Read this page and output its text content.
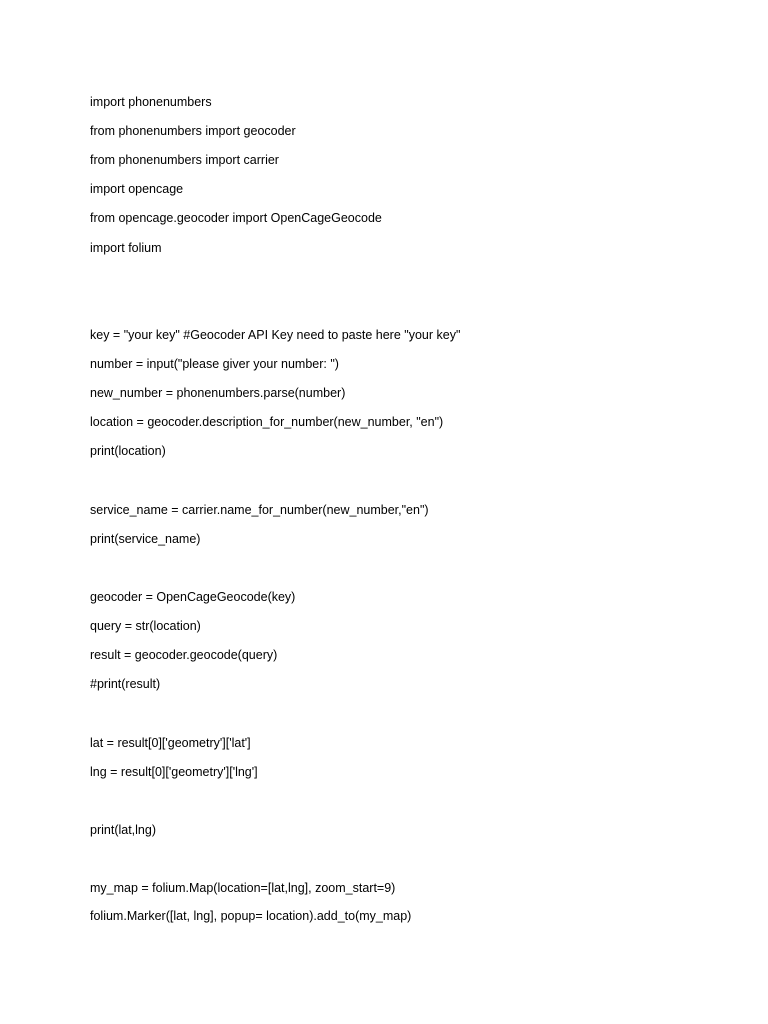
import phonenumbers
from phonenumbers import geocoder
from phonenumbers import carrier
import opencage
from opencage.geocoder import OpenCageGeocode
import folium
key = "your key" #Geocoder API Key need to paste here "your key"
number = input("please giver your number: ")
new_number = phonenumbers.parse(number)
location = geocoder.description_for_number(new_number, "en")
print(location)
service_name = carrier.name_for_number(new_number,"en")
print(service_name)
geocoder = OpenCageGeocode(key)
query = str(location)
result = geocoder.geocode(query)
#print(result)
lat = result[0]['geometry']['lat']
lng = result[0]['geometry']['lng']
print(lat,lng)
my_map = folium.Map(location=[lat,lng], zoom_start=9)
folium.Marker([lat, lng], popup= location).add_to(my_map)
